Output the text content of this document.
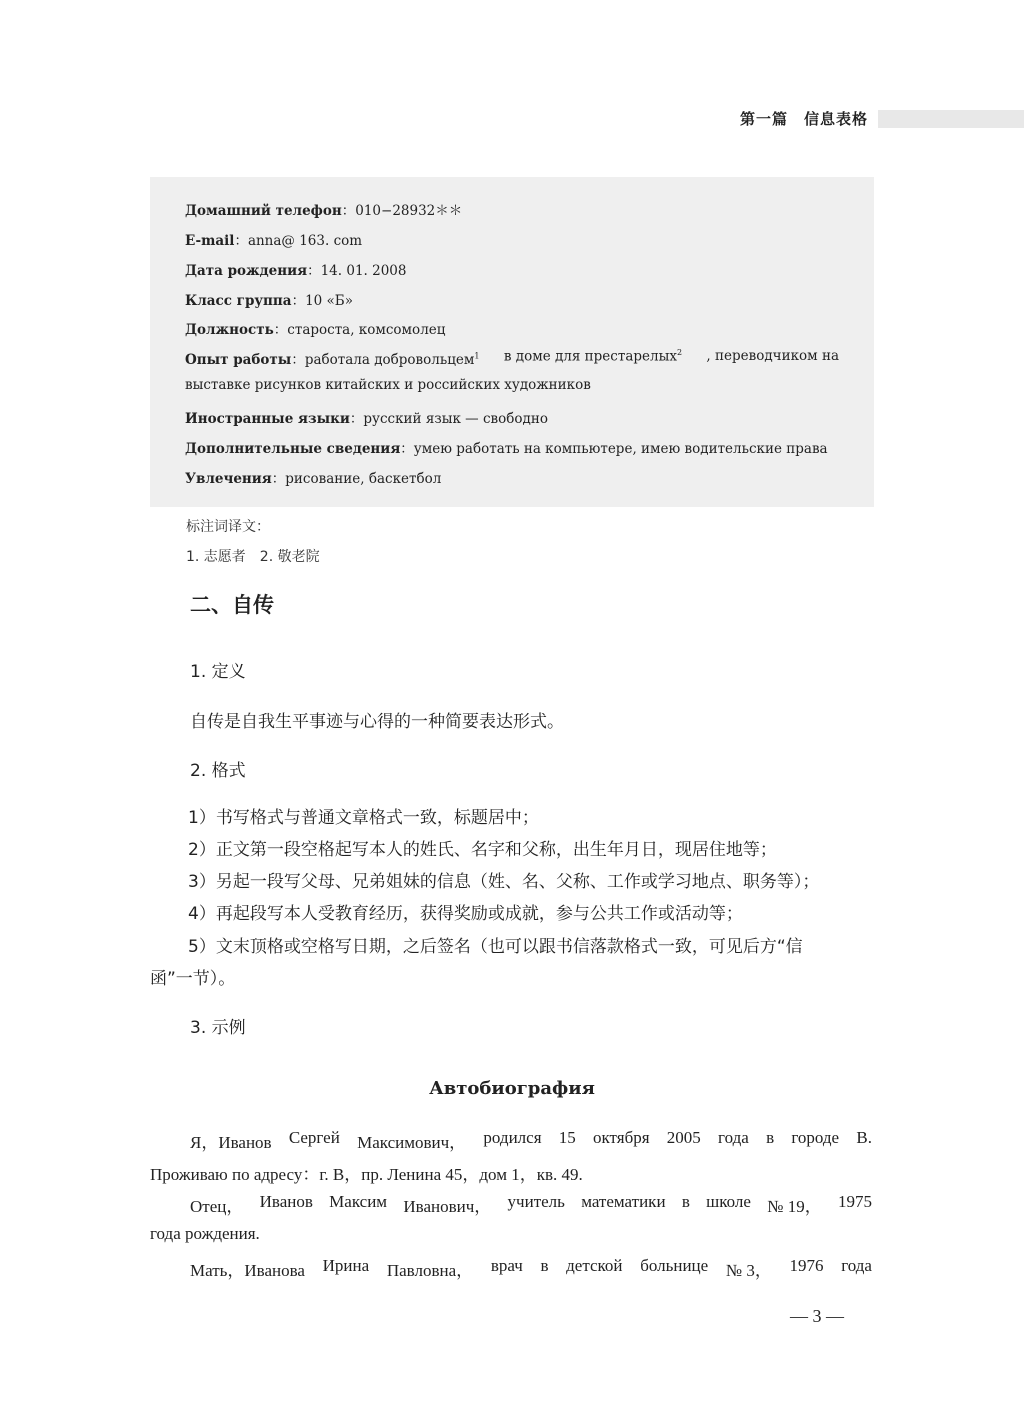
第一篇　信息表格
Домашний телефон：010−28932＊＊
E-mail：anna@ 163. com
Дата рождения：14. 01. 2008
Класс группа：10 «Б»
Должность：староста, комсомолец
Опыт работы：работала добровольцем$^1$ в доме для престарелых$^2$ , переводчиком на
выставке рисунков китайских и российских художников
Иностранные языки：русский язык — свободно
Дополнительные сведения：умею работать на компьютере, имею водительские права
Увлечения：рисование, баскетбол
标注词译文：
1. 志愿者　2. 敬老院
二、自传
1. 定义
自传是自我生平事迹与心得的一种简要表达形式。
2. 格式
1）书写格式与普通文章格式一致，标题居中；
2）正文第一段空格起写本人的姓氏、名字和父称，出生年月日，现居住地等；
3）另起一段写父母、兄弟姐妹的信息（姓、名、父称、工作或学习地点、职务等）；
4）再起段写本人受教育经历，获得奖励或成就，参与公共工作或活动等；
5）文末顶格或空格写日期，之后签名（也可以跟书信落款格式一致，可见后方“信
函”一节）。
3. 示例
Автобиография
Я，Иванов Сергей Максимович， родился 15 октября 2005 года в городе В.
Проживаю по адресу：г. В，пр. Ленина 45，дом 1，кв. 49.
Отец， Иванов Максим Иванович， учитель математики в школе № 19， 1975
года рождения.
Мать，Иванова Ирина Павловна， врач в детской больнице № 3， 1976 года
— 3 —
